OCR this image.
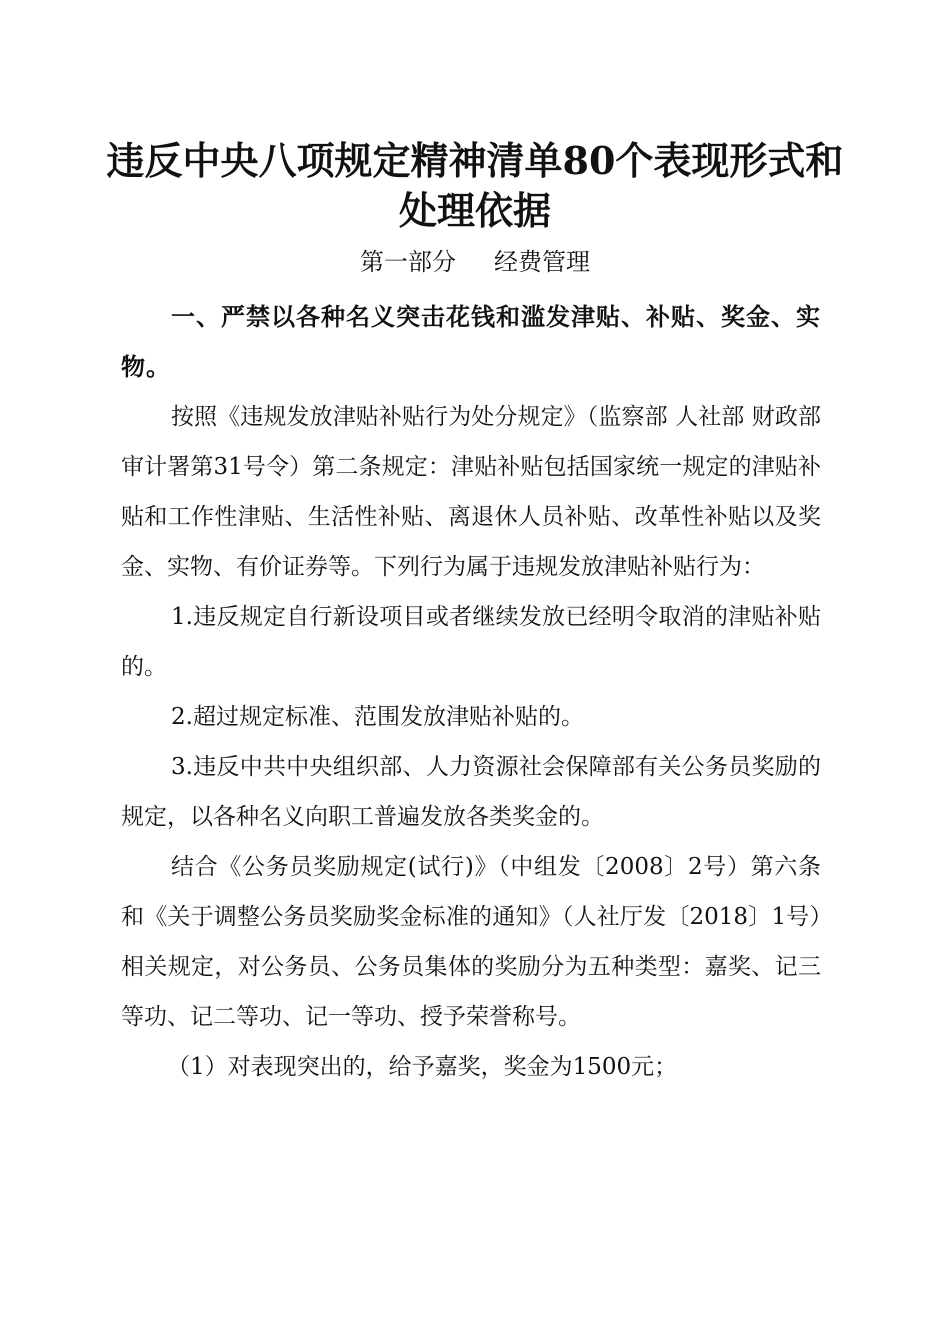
违反中央八项规定精神清单80个表现形式和处理依据
第一部分 经费管理

一、严禁以各种名义突击花钱和滥发津贴、补贴、奖金、实物。

按照《违规发放津贴补贴行为处分规定》（监察部 人社部 财政部 审计署第31号令）第二条规定：津贴补贴包括国家统一规定的津贴补贴和工作性津贴、生活性补贴、离退休人员补贴、改革性补贴以及奖金、实物、有价证券等。下列行为属于违规发放津贴补贴行为：

1.违反规定自行新设项目或者继续发放已经明令取消的津贴补贴的。

2.超过规定标准、范围发放津贴补贴的。

3.违反中共中央组织部、人力资源社会保障部有关公务员奖励的规定，以各种名义向职工普遍发放各类奖金的。

结合《公务员奖励规定(试行)》（中组发〔2008〕2号）第六条和《关于调整公务员奖励奖金标准的通知》（人社厅发〔2018〕1号）相关规定，对公务员、公务员集体的奖励分为五种类型：嘉奖、记三等功、记二等功、记一等功、授予荣誉称号。

（1）对表现突出的，给予嘉奖，奖金为1500元；
